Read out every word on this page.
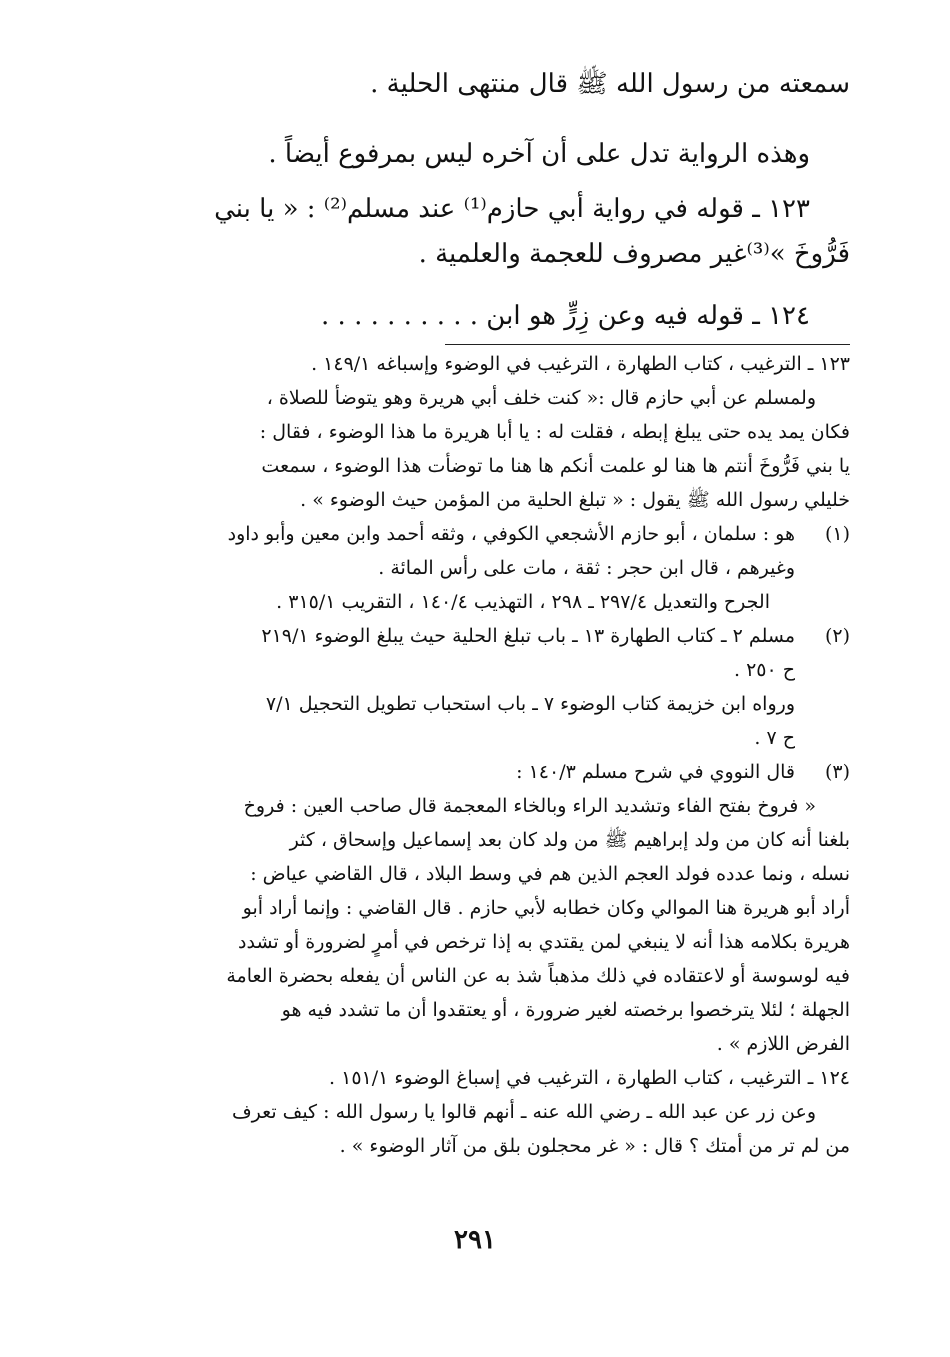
سمعته من رسول الله ﷺ قال منتهى الحلية .

وهذه الرواية تدل على أن آخره ليس بمرفوع أيضاً .

١٢٣ ـ قوله في رواية أبي حازم⁽¹⁾ عند مسلم⁽²⁾ : « يا بني

فَرُّوخَ »⁽³⁾غير مصروف للعجمة والعلمية .

١٢٤ ـ قوله فيه وعن زِرٍّ هو ابن . . . . . . . . . .

١٢٣ ـ الترغيب ، كتاب الطهارة ، الترغيب في الوضوء وإسباغه ١٤٩/١ .
ولمسلم عن أبي حازم قال :« كنت خلف أبي هريرة وهو يتوضأ للصلاة ،
فكان يمد يده حتى يبلغ إبطه ، فقلت له : يا أبا هريرة ما هذا الوضوء ، فقال :
يا بني فَرُّوخَ أنتم ها هنا لو علمت أنكم ها هنا ما توضأت هذا الوضوء ، سمعت
خليلي رسول الله ﷺ يقول : « تبلغ الحلية من المؤمن حيث الوضوء » .
(١)
هو : سلمان ، أبو حازم الأشجعي الكوفي ، وثقه أحمد وابن معين وأبو داود
وغيرهم ، قال ابن حجر : ثقة ، مات على رأس المائة .
الجرح والتعديل ٢٩٧/٤ ـ ٢٩٨ ، التهذيب ١٤٠/٤ ، التقريب ٣١٥/١ .
(٢)
مسلم ٢ ـ كتاب الطهارة ١٣ ـ باب تبلغ الحلية حيث يبلغ الوضوء ٢١٩/١
ح ٢٥٠ .
ورواه ابن خزيمة كتاب الوضوء ٧ ـ باب استحباب تطويل التحجيل ٧/١
ح ٧ .
(٣)
قال النووي في شرح مسلم ١٤٠/٣ :
« فروخ بفتح الفاء وتشديد الراء وبالخاء المعجمة قال صاحب العين : فروخ
بلغنا أنه كان من ولد إبراهيم ﷺ من ولد كان بعد إسماعيل وإسحاق ، كثر
نسله ، ونما عدده فولد العجم الذين هم في وسط البلاد ، قال القاضي عياض :
أراد أبو هريرة هنا الموالي وكان خطابه لأبي حازم . قال القاضي : وإنما أراد أبو
هريرة بكلامه هذا أنه لا ينبغي لمن يقتدي به إذا ترخص في أمرٍ لضرورة أو تشدد
فيه لوسوسة أو لاعتقاده في ذلك مذهباً شذ به عن الناس أن يفعله بحضرة العامة
الجهلة ؛ لئلا يترخصوا برخصته لغير ضرورة ، أو يعتقدوا أن ما تشدد فيه هو
الفرض اللازم » .
١٢٤ ـ الترغيب ، كتاب الطهارة ، الترغيب في إسباغ الوضوء ١٥١/١ .
وعن زر عن عبد الله ـ رضي الله عنه ـ أنهم قالوا يا رسول الله : كيف تعرف
من لم تر من أمتك ؟ قال : « غر محجلون بلق من آثار الوضوء » .
٢٩١
